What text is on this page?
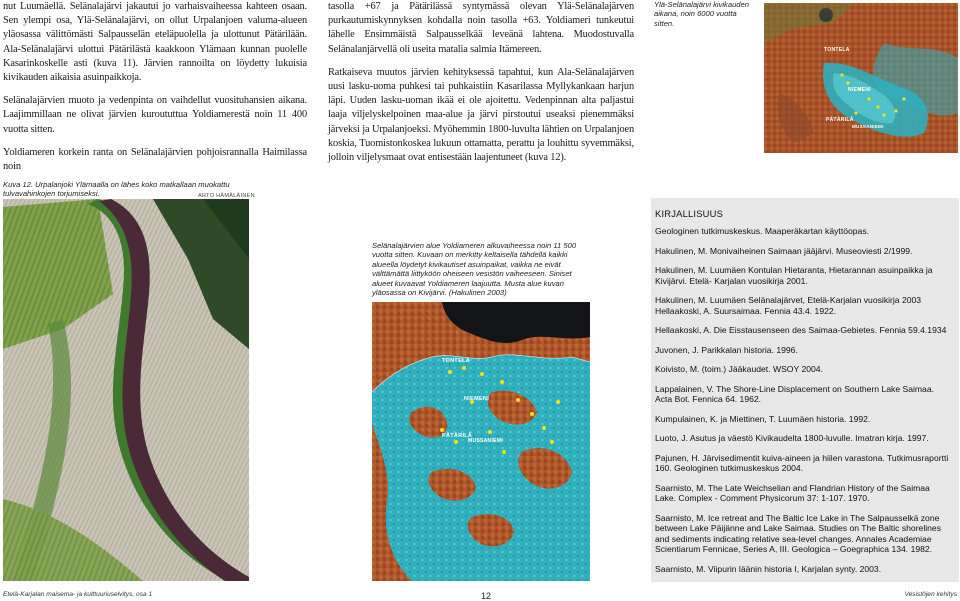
nut Luumäellä. Selänalajärvi jakautui jo varhaisvaiheessa kahteen osaan. Sen ylempi osa, Ylä-Selänalajärvi, on ollut Urpalanjoen valuma-alueen yläosassa välittömästi Salpausselän eteläpuolella ja ulottunut Pätärilään. Ala-Selänalajärvi ulottui Pätärilästä kaakkoon Ylämaan kunnan puolelle Kasarinkoskelle asti (kuva 11). Järvien rannoilta on löydetty lukuisia kivikauden aikaisia asuinpaikkoja.

Selänalajärvien muoto ja vedenpinta on vaihdellut vuosituhansien aikana. Laajimmillaan ne olivat järvien kuroututtua Yoldiamerestä noin 11 400 vuotta sitten.

Yoldiameren korkein ranta on Selänalajärvien pohjoisrannalla Haimilassa noin

tasolla +67 ja Pätärilässä syntymässä olevan Ylä-Selänalajärven purkautumiskynnyksen kohdalla noin tasolla +63. Yoldiameri tunkeutui lähelle Ensimmäistä Salpausselkää leveänä lahtena. Muodostuvalla Selänalanjärvellä oli useita matalia salmia Itämereen.

Ratkaiseva muutos järvien kehityksessä tapahtui, kun Ala-Selänalajärven uusi lasku-uoma puhkesi tai puhkaistiin Kasarilassa Myllykankaan harjun läpi. Uuden lasku-uoman ikää ei ole ajoitettu. Vedenpinnan alta paljastui laaja viljelyskelpoinen maa-alue ja järvi pirstoutui useaksi pienemmäksi järveksi ja Urpalanjoeksi. Myöhemmin 1800-luvulta lähtien on Urpalanjoen koskia, Tuomistonkoskea lukuun ottamatta, perattu ja louhittu syvemmäksi, jolloin viljelysmaat ovat entisestään laajentuneet (kuva 12).

Ylä-Selänalajärvi kivikauden aikana, noin 6000 vuotta sitten.
TONTELA
NIEMENI
PÄTÄRILÄ
MUSSANIEMI
Kuva 12. Urpalanjoki Ylämaalla on lähes koko matkallaan muokattu tulvavahinkojen torjumiseksi.	ARTO HÄMÄLÄINEN
Selänalajärvien alue Yoldiameren alkuvaiheessa noin 11 500 vuotta sitten. Kuvaan on merkitty keltaisella tähdellä kaikki alueella löydetyt kivikautiset asuinpaikat, vaikka ne eivät välttämättä liittyköön oheiseen vesistön vaiheeseen. Siniset alueet kuvaavat Yoldiameren laajuutta. Musta alue kuvan yläosassa on Kivijärvi. (Hakulinen 2003)
TONTELA
NIEMENI
PÄTÄRILÄ
MUSSANIEMI
KIRJALLISUUS

Geologinen tutkimuskeskus. Maaperäkartan käyttöopas.

Hakulinen, M. Monivaiheinen Saimaan jääjärvi. Museoviesti 2/1999.

Hakulinen, M. Luumäen Kontulan Hietaranta, Hietarannan asuinpaikka ja Kivijärvi. Etelä- Karjalan vuosikirja 2001.

Hakulinen, M. Luumäen Selänalajärvet, Etelä-Karjalan vuosikirja 2003 Hellaakoski, A. Suursaimaa. Fennia 43.4. 1922.

Hellaakoski, A. Die Eisstausenseen des Saimaa-Gebietes. Fennia 59.4.1934

Juvonen, J. Parikkalan historia. 1996.

Koivisto, M. (toim.) Jääkaudet. WSOY 2004.

Lappalainen, V. The Shore-Line Displacement on Southern Lake Saimaa. Acta Bot. Fennica 64. 1962.

Kumpulainen, K. ja Miettinen, T. Luumäen historia. 1992.

Luoto, J. Asutus ja väestö Kivikaudelta 1800-luvulle. Imatran kirja. 1997.

Pajunen, H. Järvisedimentit kuiva-aineen ja hiilen varastona. Tutkimusraportti 160. Geologinen tutkimuskeskus 2004.

Saarnisto, M. The Late Weichselian and Flandrian History of the Saimaa Lake. Complex - Comment Physicorum 37: 1-107. 1970.

Saarnisto, M. Ice retreat and The Baltic Ice Lake in The Salpausselkä zone between Lake Päijänne and Lake Saimaa. Studies on The Baltic shorelines and sediments indicating relative sea-level changes. Annales Academiae Scientiarum Fennicae, Series A, III. Geologica – Goegraphica 134. 1982.

Saarnisto, M. Viipurin läänin historia I, Karjalan synty. 2003.

Etelä-Karjalan maisema- ja kulttuuriuselvitys, osa 1	12	Vesistöjen kehitys
